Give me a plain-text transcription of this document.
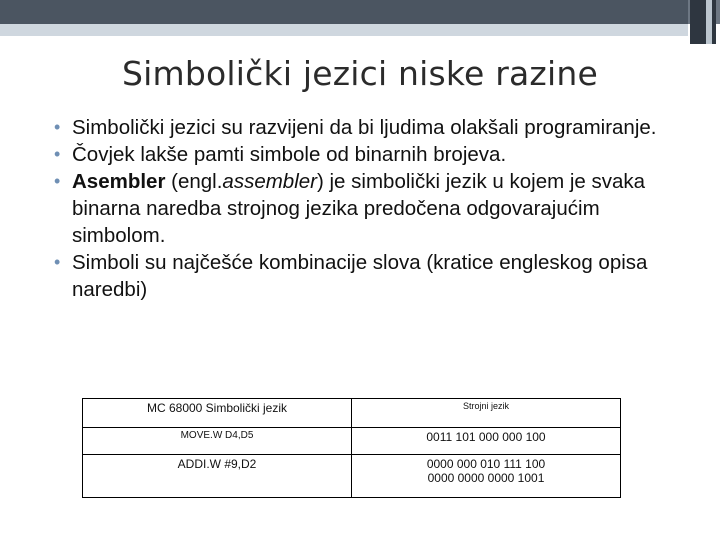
Simbolički jezici niske razine
• Simbolički jezici su razvijeni da bi ljudima olakšali programiranje.
• Čovjek lakše pamti simbole od binarnih brojeva.
• Asembler (engl.assembler) je simbolički jezik u kojem je svaka binarna naredba strojnog jezika predočena odgovarajućim simbolom.
• Simboli su najčešće kombinacije slova (kratice engleskog opisa naredbi)
MC 68000 Simbolički jezik	Strojni jezik
MOVE.W D4,D5	0011 101 000 000 100
ADDI.W #9,D2	0000 000 010 111 100
0000 0000 0000 1001
